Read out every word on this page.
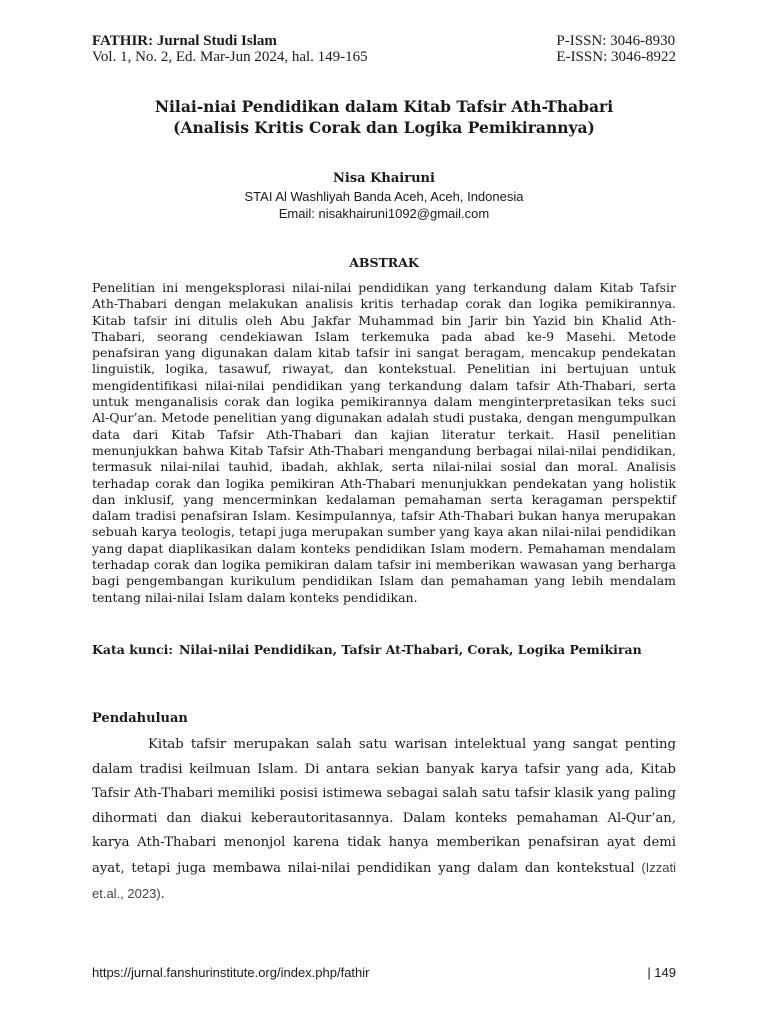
FATHIR: Jurnal Studi Islam
Vol. 1, No. 2, Ed. Mar-Jun 2024, hal. 149-165
P-ISSN: 3046-8930
E-ISSN: 3046-8922
Nilai-niai Pendidikan dalam Kitab Tafsir Ath-Thabari
(Analisis Kritis Corak dan Logika Pemikirannya)
Nisa Khairuni
STAI Al Washliyah Banda Aceh, Aceh, Indonesia
Email: nisakhairuni1092@gmail.com
ABSTRAK

Penelitian ini mengeksplorasi nilai-nilai pendidikan yang terkandung dalam Kitab Tafsir Ath-Thabari dengan melakukan analisis kritis terhadap corak dan logika pemikirannya. Kitab tafsir ini ditulis oleh Abu Jakfar Muhammad bin Jarir bin Yazid bin Khalid Ath-Thabari, seorang cendekiawan Islam terkemuka pada abad ke-9 Masehi. Metode penafsiran yang digunakan dalam kitab tafsir ini sangat beragam, mencakup pendekatan linguistik, logika, tasawuf, riwayat, dan kontekstual. Penelitian ini bertujuan untuk mengidentifikasi nilai-nilai pendidikan yang terkandung dalam tafsir Ath-Thabari, serta untuk menganalisis corak dan logika pemikirannya dalam menginterpretasikan teks suci Al-Qur’an. Metode penelitian yang digunakan adalah studi pustaka, dengan mengumpulkan data dari Kitab Tafsir Ath-Thabari dan kajian literatur terkait. Hasil penelitian menunjukkan bahwa Kitab Tafsir Ath-Thabari mengandung berbagai nilai-nilai pendidikan, termasuk nilai-nilai tauhid, ibadah, akhlak, serta nilai-nilai sosial dan moral. Analisis terhadap corak dan logika pemikiran Ath-Thabari menunjukkan pendekatan yang holistik dan inklusif, yang mencerminkan kedalaman pemahaman serta keragaman perspektif dalam tradisi penafsiran Islam. Kesimpulannya, tafsir Ath-Thabari bukan hanya merupakan sebuah karya teologis, tetapi juga merupakan sumber yang kaya akan nilai-nilai pendidikan yang dapat diaplikasikan dalam konteks pendidikan Islam modern. Pemahaman mendalam terhadap corak dan logika pemikiran dalam tafsir ini memberikan wawasan yang berharga bagi pengembangan kurikulum pendidikan Islam dan pemahaman yang lebih mendalam tentang nilai-nilai Islam dalam konteks pendidikan.

Kata kunci: Nilai-nilai Pendidikan, Tafsir At-Thabari, Corak, Logika Pemikiran
Pendahuluan

Kitab tafsir merupakan salah satu warisan intelektual yang sangat penting dalam tradisi keilmuan Islam. Di antara sekian banyak karya tafsir yang ada, Kitab Tafsir Ath-Thabari memiliki posisi istimewa sebagai salah satu tafsir klasik yang paling dihormati dan diakui keberautoritasannya. Dalam konteks pemahaman Al-Qur’an, karya Ath-Thabari menonjol karena tidak hanya memberikan penafsiran ayat demi ayat, tetapi juga membawa nilai-nilai pendidikan yang dalam dan kontekstual (Izzati et.al., 2023).

https://jurnal.fanshurinstitute.org/index.php/fathir	| 149
